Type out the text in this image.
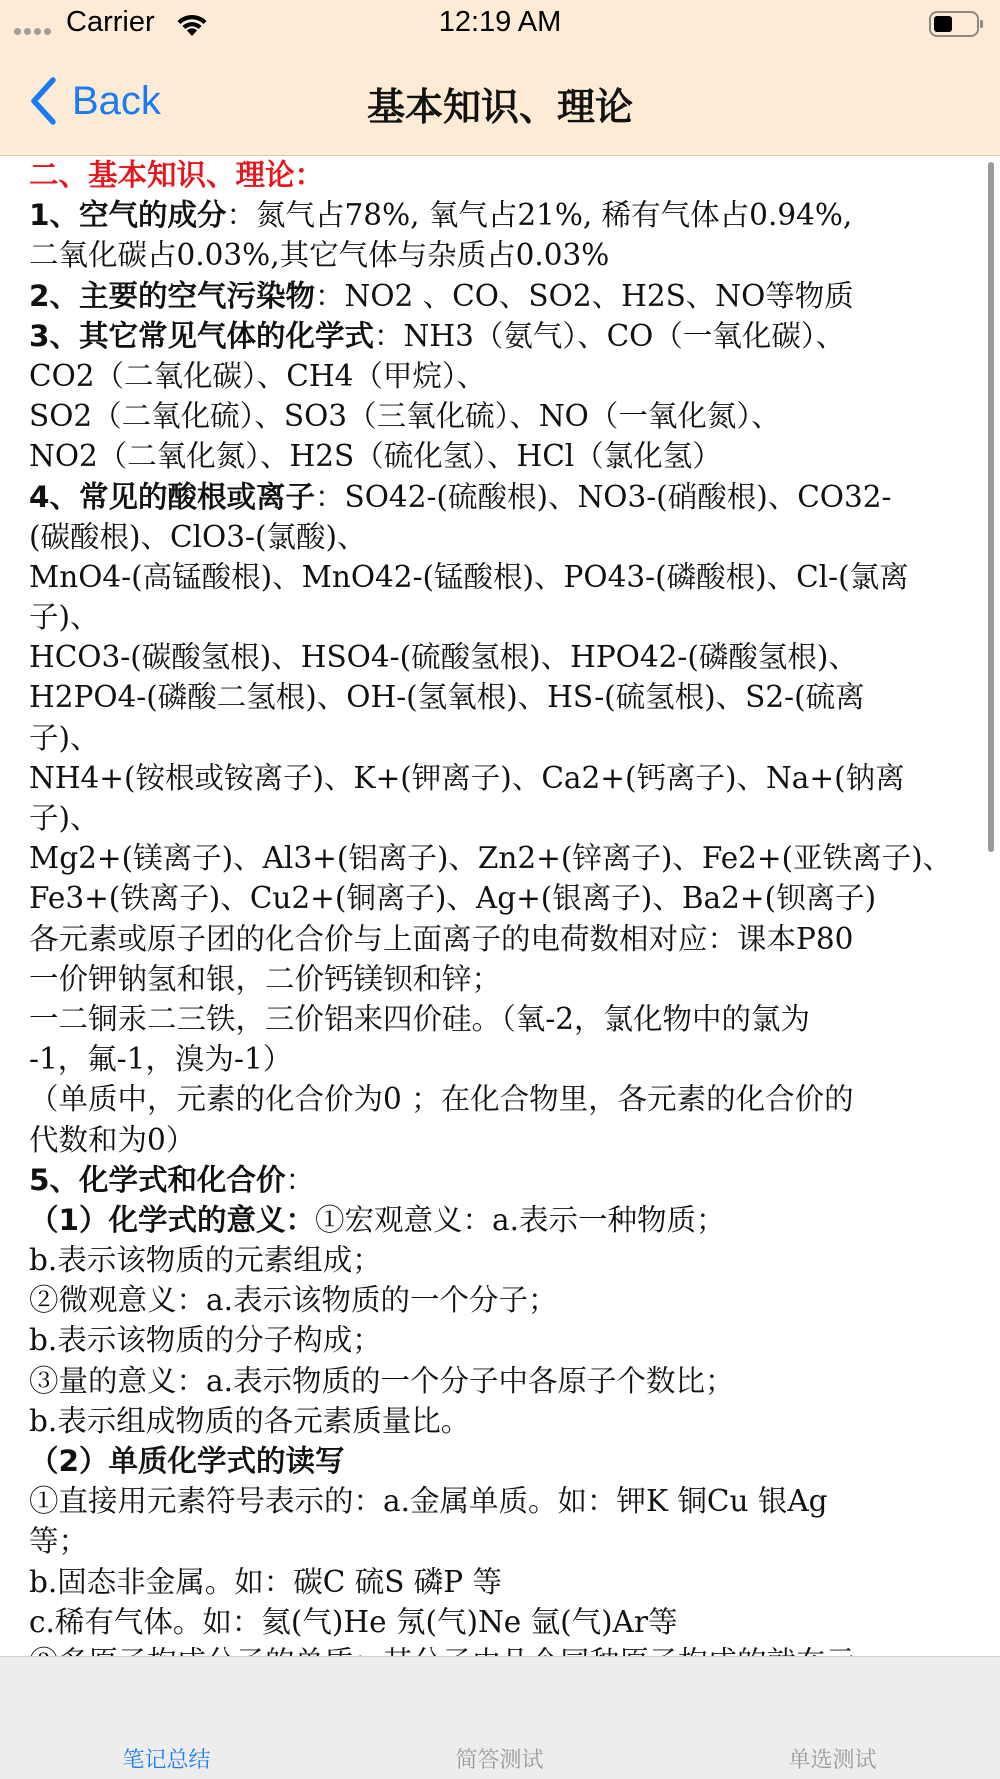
Carrier	12:19 AM
Back	基本知识、理论
二、基本知识、理论：
1、空气的成分：氮气占78%, 氧气占21%, 稀有气体占0.94%,
二氧化碳占0.03%,其它气体与杂质占0.03%
2、主要的空气污染物：NO2 、CO、SO2、H2S、NO等物质
3、其它常见气体的化学式：NH3（氨气）、CO（一氧化碳）、
CO2（二氧化碳）、CH4（甲烷）、
SO2（二氧化硫）、SO3（三氧化硫）、NO（一氧化氮）、
NO2（二氧化氮）、H2S（硫化氢）、HCl（氯化氢）
4、常见的酸根或离子：SO42-(硫酸根)、NO3-(硝酸根)、CO32-
(碳酸根)、ClO3-(氯酸)、
MnO4-(高锰酸根)、MnO42-(锰酸根)、PO43-(磷酸根)、Cl-(氯离
子)、
HCO3-(碳酸氢根)、HSO4-(硫酸氢根)、HPO42-(磷酸氢根)、
H2PO4-(磷酸二氢根)、OH-(氢氧根)、HS-(硫氢根)、S2-(硫离
子)、
NH4+(铵根或铵离子)、K+(钾离子)、Ca2+(钙离子)、Na+(钠离
子)、
Mg2+(镁离子)、Al3+(铝离子)、Zn2+(锌离子)、Fe2+(亚铁离子)、
Fe3+(铁离子)、Cu2+(铜离子)、Ag+(银离子)、Ba2+(钡离子)
各元素或原子团的化合价与上面离子的电荷数相对应：课本P80
一价钾钠氢和银，二价钙镁钡和锌；
一二铜汞二三铁，三价铝来四价硅。（氧-2，氯化物中的氯为
-1，氟-1，溴为-1）
（单质中，元素的化合价为0 ；在化合物里，各元素的化合价的
代数和为0）
5、化学式和化合价：
（1）化学式的意义：①宏观意义：a.表示一种物质；
b.表示该物质的元素组成；
②微观意义：a.表示该物质的一个分子；
b.表示该物质的分子构成；
③量的意义：a.表示物质的一个分子中各原子个数比；
b.表示组成物质的各元素质量比。
（2）单质化学式的读写
①直接用元素符号表示的：a.金属单质。如：钾K 铜Cu 银Ag
等；
b.固态非金属。如：碳C 硫S 磷P 等
c.稀有气体。如：氦(气)He 氖(气)Ne 氩(气)Ar等
笔记总结	简答测试	单选测试
